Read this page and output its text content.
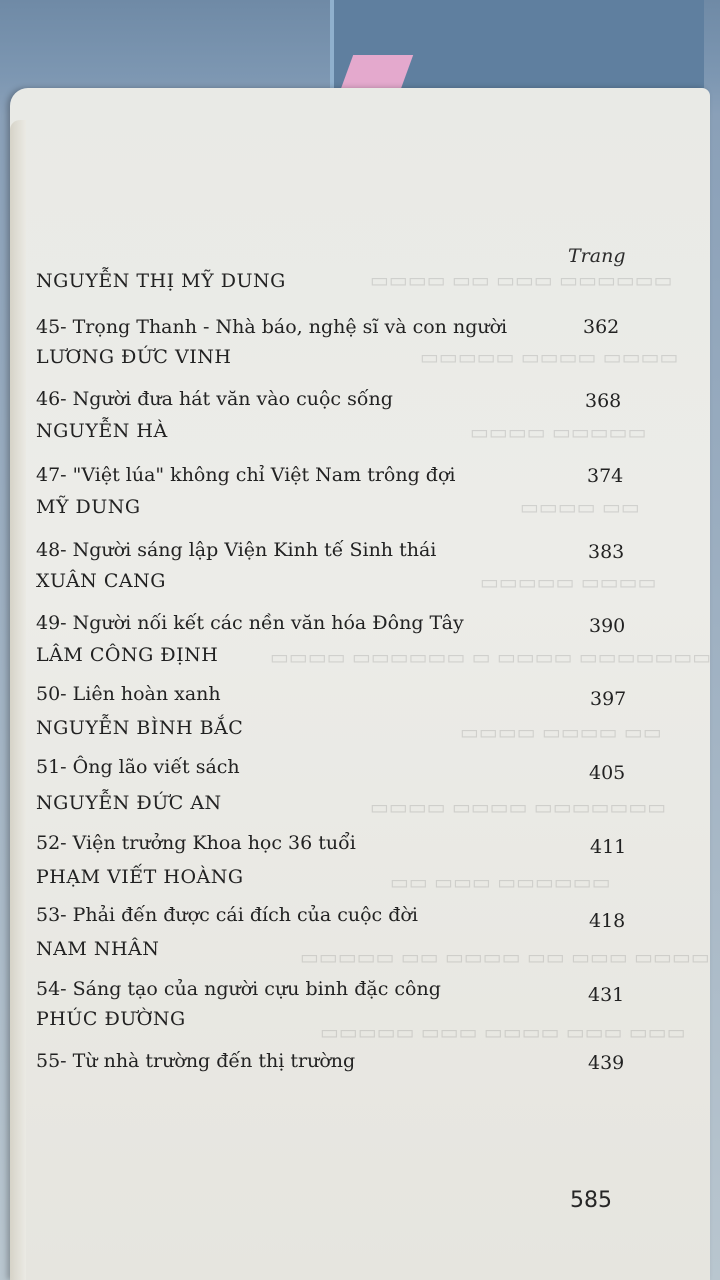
▭▭▭▭▭▭ ▭▭▭ ▭▭ ▭▭▭▭
▭▭▭▭ ▭▭▭▭ ▭▭▭▭▭
▭▭▭▭▭ ▭▭▭▭
▭▭ ▭▭▭▭
▭▭▭▭ ▭▭▭▭▭
▭▭▭▭▭▭▭ ▭▭▭▭ ▭ ▭▭▭▭▭▭ ▭▭▭▭
▭▭ ▭▭▭▭ ▭▭▭▭
▭▭▭▭▭▭▭ ▭▭▭▭ ▭▭▭▭
▭▭▭▭▭▭ ▭▭▭ ▭▭
▭▭▭▭ ▭▭▭ ▭▭ ▭▭▭▭ ▭▭ ▭▭▭▭▭
▭▭▭ ▭▭▭ ▭▭▭▭ ▭▭▭ ▭▭▭▭▭
Trang
NGUYỄN THỊ MỸ DUNG
45- Trọng Thanh - Nhà báo, nghệ sĩ và con người	362
LƯƠNG ĐỨC VINH
46- Người đưa hát văn vào cuộc sống	368
NGUYỄN HÀ
47- "Việt lúa" không chỉ Việt Nam trông đợi	374
MỸ DUNG
48- Người sáng lập Viện Kinh tế Sinh thái	383
XUÂN CANG
49- Người nối kết các nền văn hóa Đông Tây	390
LÂM CÔNG ĐỊNH
50- Liên hoàn xanh	397
NGUYỄN BÌNH BẮC
51- Ông lão viết sách	405
NGUYỄN ĐỨC AN
52- Viện trưởng Khoa học 36 tuổi	411
PHẠM VIẾT HOÀNG
53- Phải đến được cái đích của cuộc đời	418
NAM NHÂN
54- Sáng tạo của người cựu binh đặc công	431
PHÚC ĐƯỜNG
55- Từ nhà trường đến thị trường	439
585
